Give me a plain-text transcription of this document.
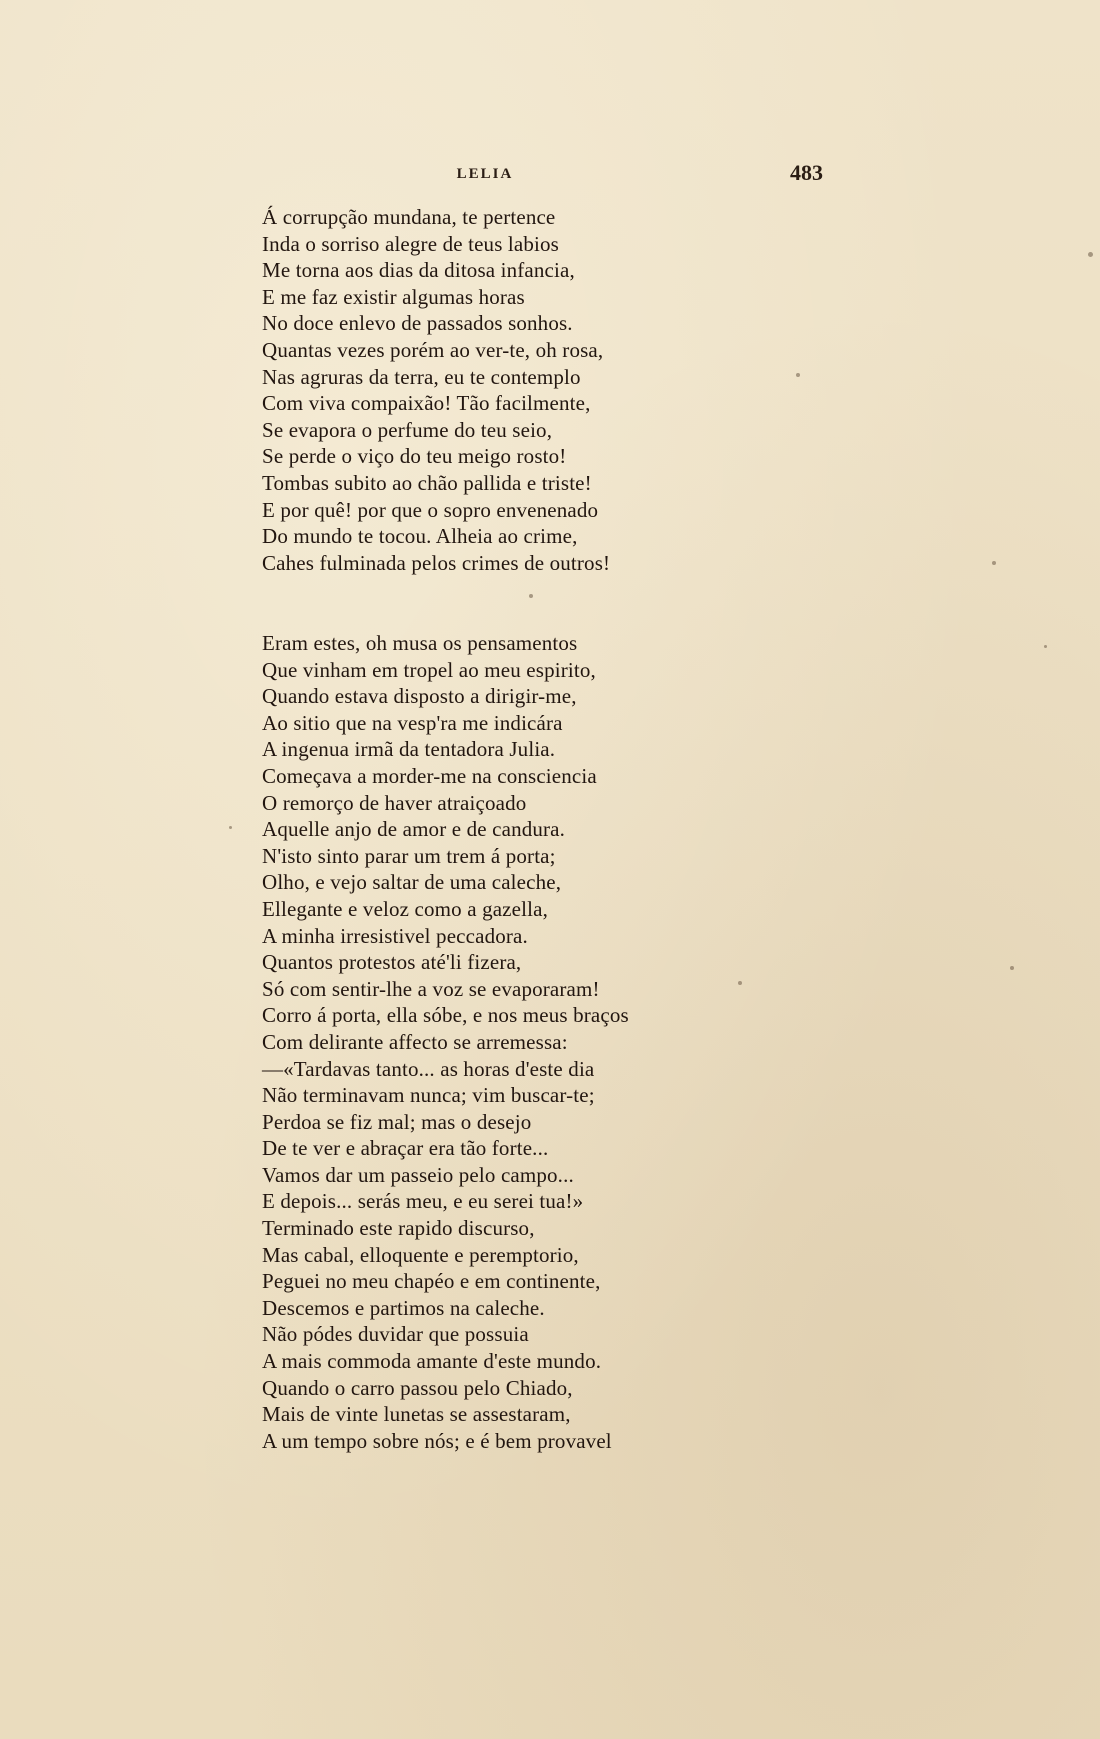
LELIA	483
Á corrupção mundana, te pertence
Inda o sorriso alegre de teus labios
Me torna aos dias da ditosa infancia,
E me faz existir algumas horas
No doce enlevo de passados sonhos.
Quantas vezes porém ao ver-te, oh rosa,
Nas agruras da terra, eu te contemplo
Com viva compaixão! Tão facilmente,
Se evapora o perfume do teu seio,
Se perde o viço do teu meigo rosto!
Tombas subito ao chão pallida e triste!
E por quê! por que o sopro envenenado
Do mundo te tocou. Alheia ao crime,
Cahes fulminada pelos crimes de outros!
Eram estes, oh musa os pensamentos
Que vinham em tropel ao meu espirito,
Quando estava disposto a dirigir-me,
Ao sitio que na vesp'ra me indicára
A ingenua irmã da tentadora Julia.
Começava a morder-me na consciencia
O remorço de haver atraiçoado
Aquelle anjo de amor e de candura.
N'isto sinto parar um trem á porta;
Olho, e vejo saltar de uma caleche,
Ellegante e veloz como a gazella,
A minha irresistivel peccadora.
Quantos protestos até'li fizera,
Só com sentir-lhe a voz se evaporaram!
Corro á porta, ella sóbe, e nos meus braços
Com delirante affecto se arremessa:
—«Tardavas tanto... as horas d'este dia
Não terminavam nunca; vim buscar-te;
Perdoa se fiz mal; mas o desejo
De te ver e abraçar era tão forte...
Vamos dar um passeio pelo campo...
E depois... serás meu, e eu serei tua!»
Terminado este rapido discurso,
Mas cabal, elloquente e peremptorio,
Peguei no meu chapéo e em continente,
Descemos e partimos na caleche.
Não pódes duvidar que possuia
A mais commoda amante d'este mundo.
Quando o carro passou pelo Chiado,
Mais de vinte lunetas se assestaram,
A um tempo sobre nós; e é bem provavel
